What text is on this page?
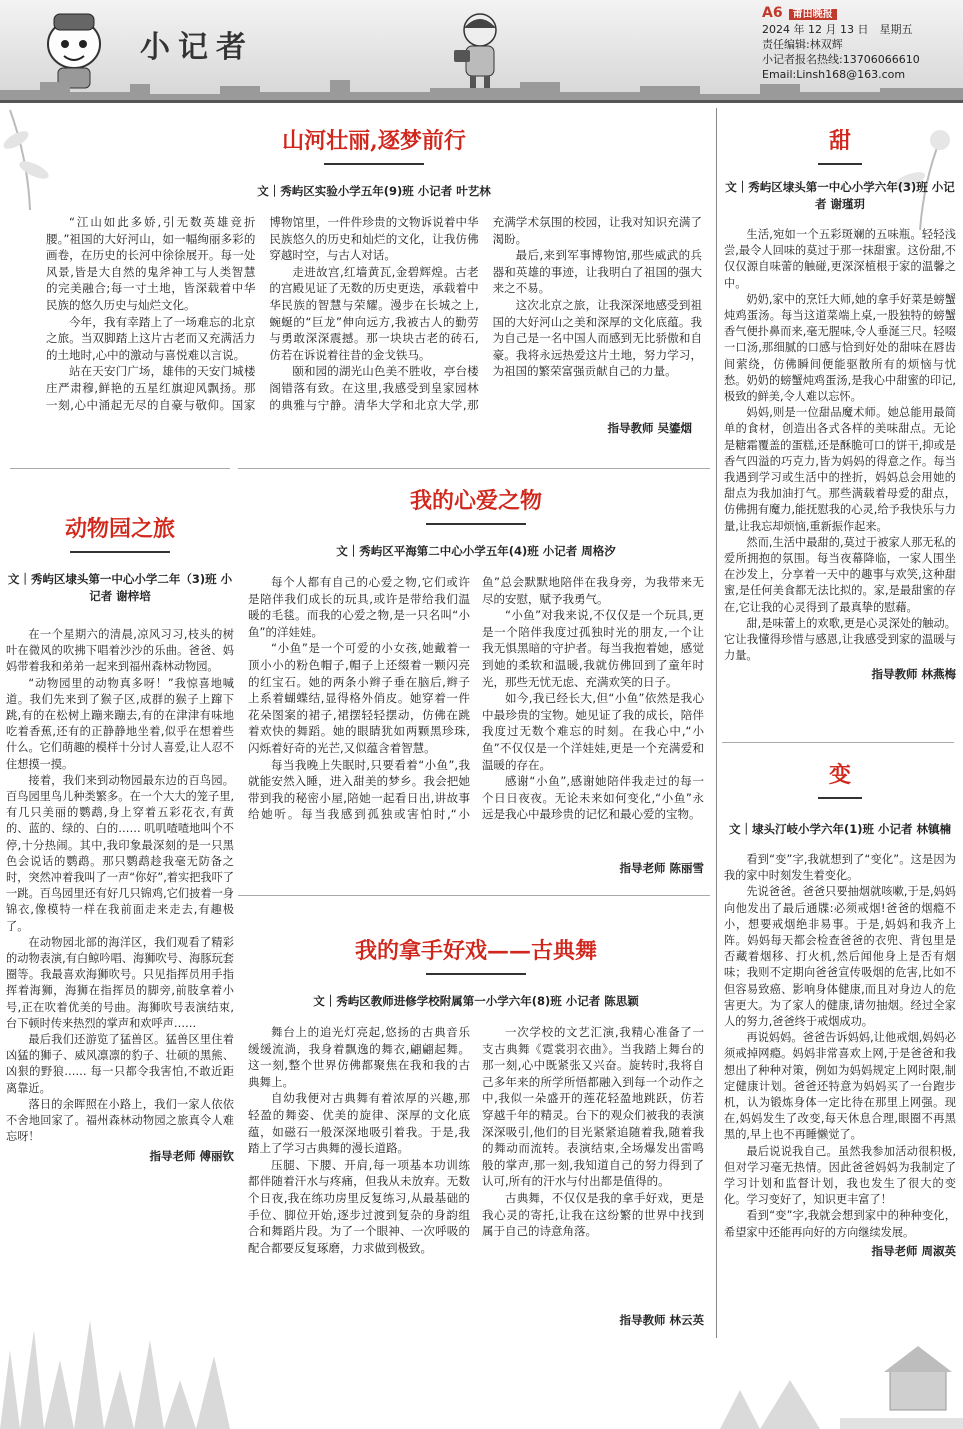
小记者
A6 莆田晚报
2024 年 12 月 13 日　星期五
责任编辑:林双辉
小记者报名热线:13706066610
Email:Linsh168@163.com
山河壮丽,逐梦前行
文｜秀屿区实验小学五年(9)班 小记者 叶艺林

“江山如此多娇,引无数英雄竞折腰。”祖国的大好河山，如一幅绚丽多彩的画卷，在历史的长河中徐徐展开。每一处风景,皆是大自然的鬼斧神工与人类智慧的完美融合;每一寸土地，皆深载着中华民族的悠久历史与灿烂文化。

今年，我有幸踏上了一场难忘的北京之旅。当双脚踏上这片古老而又充满活力的土地时,心中的激动与喜悦难以言说。

站在天安门广场，雄伟的天安门城楼庄严肃穆,鲜艳的五星红旗迎风飘扬。那一刻,心中涌起无尽的自豪与敬仰。国家博物馆里，一件件珍贵的文物诉说着中华民族悠久的历史和灿烂的文化，让我仿佛穿越时空，与古人对话。

走进故宫,红墙黄瓦,金碧辉煌。古老的宫殿见证了无数的历史更迭，承载着中华民族的智慧与荣耀。漫步在长城之上,蜿蜒的“巨龙”伸向远方,我被古人的勤劳与勇敢深深震撼。那一块块古老的砖石,仿若在诉说着往昔的金戈铁马。

颐和园的湖光山色美不胜收，亭台楼阁错落有致。在这里,我感受到皇家园林的典雅与宁静。清华大学和北京大学,那充满学术氛围的校园，让我对知识充满了渴盼。

最后,来到军事博物馆,那些威武的兵器和英雄的事迹，让我明白了祖国的强大来之不易。

这次北京之旅，让我深深地感受到祖国的大好河山之美和深厚的文化底蕴。我为自己是一名中国人而感到无比骄傲和自豪。我将永远热爱这片土地，努力学习，为祖国的繁荣富强贡献自己的力量。

指导教师 吴鎏烟
甜
文｜秀屿区埭头第一中心小学六年(3)班 小记者 谢瑾玥

生活,宛如一个五彩斑斓的五味瓶。轻轻浅尝,最令人回味的莫过于那一抹甜蜜。这份甜,不仅仅源自味蕾的触碰,更深深植根于家的温馨之中。

奶奶,家中的烹饪大师,她的拿手好菜是螃蟹炖鸡蛋汤。每当这道菜端上桌,一股独特的螃蟹香气便扑鼻而来,毫无腥味,令人垂涎三尺。轻啜一口汤,那细腻的口感与恰到好处的甜味在唇齿间萦绕，仿佛瞬间便能驱散所有的烦恼与忧愁。奶奶的螃蟹炖鸡蛋汤,是我心中甜蜜的印记,极致的鲜美,令人难以忘怀。

妈妈,则是一位甜品魔术师。她总能用最简单的食材，创造出各式各样的美味甜点。无论是糖霜覆盖的蛋糕,还是酥脆可口的饼干,抑或是香气四溢的巧克力,皆为妈妈的得意之作。每当我遇到学习或生活中的挫折，妈妈总会用她的甜点为我加油打气。那些满载着母爱的甜点，仿佛拥有魔力,能抚慰我的心灵,给予我快乐与力量,让我忘却烦恼,重新振作起来。

然而,生活中最甜的,莫过于被家人那无私的爱所拥抱的氛围。每当夜幕降临，一家人围坐在沙发上，分享着一天中的趣事与欢笑,这种甜蜜,是任何美食都无法比拟的。家,是最甜蜜的存在,它让我的心灵得到了最真挚的慰藉。

甜,是味蕾上的欢歌,更是心灵深处的触动。它让我懂得珍惜与感恩,让我感受到家的温暖与力量。

指导教师 林燕梅
动物园之旅
文｜秀屿区埭头第一中心小学二年（3)班 小记者 谢梓培

在一个星期六的清晨,凉风习习,枝头的树叶在微风的吹拂下唱着沙沙的乐曲。爸爸、妈妈带着我和弟弟一起来到福州森林动物园。

“动物园里的动物真多呀！”我惊喜地喊道。我们先来到了猴子区,成群的猴子上蹿下跳,有的在松树上蹦来蹦去,有的在津津有味地吃着香蕉,还有的正静静地坐着,似乎在想着些什么。它们萌趣的模样十分讨人喜爱,让人忍不住想摸一摸。

接着，我们来到动物园最东边的百鸟园。百鸟园里鸟儿种类繁多。在一个大大的笼子里,有几只美丽的鹦鹉,身上穿着五彩花衣,有黄的、蓝的、绿的、白的…… 叽叽喳喳地叫个不停,十分热闹。其中,我印象最深刻的是一只黑色会说话的鹦鹉。那只鹦鹉趁我毫无防备之时，突然冲着我叫了一声“你好”,着实把我吓了一跳。百鸟园里还有好几只锦鸡,它们披着一身锦衣,像模特一样在我前面走来走去,有趣极了。

在动物园北部的海洋区，我们观看了精彩的动物表演,有白鲸吟唱、海狮吹号、海豚玩套圈等。我最喜欢海狮吹号。只见指挥员用手指挥着海狮，海狮在指挥员的脚旁,前肢拿着小号,正在吹着优美的号曲。海狮吹号表演结束,台下顿时传来热烈的掌声和欢呼声……

最后我们还游览了猛兽区。猛兽区里住着凶猛的狮子、威风凛凛的豹子、壮硕的黑熊、凶狠的野狼…… 每一只都令我害怕,不敢近距离靠近。

落日的余晖照在小路上，我们一家人依依不舍地回家了。福州森林动物园之旅真令人难忘呀！

指导老师 傅丽钦
我的心爱之物
文｜秀屿区平海第二中心小学五年(4)班 小记者 周格汐

每个人都有自己的心爱之物,它们或许是陪伴我们成长的玩具,或许是带给我们温暖的毛毯。而我的心爱之物,是一只名叫“小鱼”的洋娃娃。

“小鱼”是一个可爱的小女孩,她戴着一顶小小的粉色帽子,帽子上还缀着一颗闪亮的红宝石。她的两条小辫子垂在脑后,辫子上系着蝴蝶结,显得格外俏皮。她穿着一件花朵图案的裙子,裙摆轻轻摆动，仿佛在跳着欢快的舞蹈。她的眼睛犹如两颗黑珍珠,闪烁着好奇的光芒,又似蕴含着智慧。

每当我晚上失眠时,只要看着“小鱼”,我就能安然入睡，进入甜美的梦乡。我会把她带到我的秘密小屋,陪她一起看日出,讲故事给她听。每当我感到孤独或害怕时,“小鱼”总会默默地陪伴在我身旁，为我带来无尽的安慰，赋予我勇气。

“小鱼”对我来说,不仅仅是一个玩具,更是一个陪伴我度过孤独时光的朋友,一个让我无惧黑暗的守护者。每当我抱着她，感觉到她的柔软和温暖,我就仿佛回到了童年时光，那些无忧无虑、充满欢笑的日子。

如今,我已经长大,但“小鱼”依然是我心中最珍贵的宝物。她见证了我的成长，陪伴我度过无数个难忘的时刻。在我心中,“小鱼”不仅仅是一个洋娃娃,更是一个充满爱和温暖的存在。

感谢“小鱼”,感谢她陪伴我走过的每一个日日夜夜。无论未来如何变化,“小鱼”永远是我心中最珍贵的记忆和最心爱的宝物。

指导老师 陈丽雪
变
文｜埭头汀岐小学六年(1)班 小记者 林镇楠

看到“变”字,我就想到了“变化”。这是因为我的家中时刻发生着变化。

先说爸爸。爸爸只要抽烟就咳嗽,于是,妈妈向他发出了最后通牒:必须戒烟!爸爸的烟瘾不小，想要戒烟绝非易事。于是,妈妈和我齐上阵。妈妈每天都会检查爸爸的衣兜、背包里是否藏着烟移、打火机,然后闻他身上是否有烟味；我则不定期向爸爸宣传吸烟的危害,比如不但容易致癌、影响身体健康,而且对身边人的危害更大。为了家人的健康,请勿抽烟。经过全家人的努力,爸爸终于戒烟成功。

再说妈妈。爸爸告诉妈妈,让他戒烟,妈妈必须戒掉网瘾。妈妈非常喜欢上网,于是爸爸和我想出了种种对策，例如为妈妈规定上网时限,制定健康计划。爸爸还特意为妈妈买了一台跑步机，认为锻炼身体一定比待在那里上网强。现在,妈妈发生了改变,每天休息合理,眼圈不再黑黑的,早上也不再睡懒觉了。

最后说说我自己。虽然我参加活动很积极,但对学习毫无热情。因此爸爸妈妈为我制定了学习计划和监督计划，我也发生了很大的变化。学习变好了，知识更丰富了！

看到“变”字,我就会想到家中的种种变化，希望家中还能再向好的方向继续发展。

指导老师 周淑英
我的拿手好戏——古典舞
文｜秀屿区教师进修学校附属第一小学六年(8)班 小记者 陈思颖

舞台上的追光灯亮起,悠扬的古典音乐缓缓流淌，我身着飘逸的舞衣,翩翩起舞。这一刻,整个世界仿佛都聚焦在我和我的古典舞上。

自幼我便对古典舞有着浓厚的兴趣,那轻盈的舞姿、优美的旋律、深厚的文化底蕴，如磁石一般深深地吸引着我。于是,我踏上了学习古典舞的漫长道路。

压腿、下腰、开肩,每一项基本功训练都伴随着汗水与疼痛，但我从未放弃。无数个日夜,我在练功房里反复练习,从最基础的手位、脚位开始,逐步过渡到复杂的身韵组合和舞蹈片段。为了一个眼神、一次呼吸的配合都要反复琢磨，力求做到极致。

一次学校的文艺汇演,我精心准备了一支古典舞《霓裳羽衣曲》。当我踏上舞台的那一刻,心中既紧张又兴奋。旋转时,我将自己多年来的所学所悟都融入到每一个动作之中,我似一朵盛开的莲花轻盈地跳跃，仿若穿越千年的精灵。台下的观众们被我的表演深深吸引,他们的目光紧紧追随着我,随着我的舞动而流转。表演结束,全场爆发出雷鸣般的掌声,那一刻,我知道自己的努力得到了认可,所有的汗水与付出都是值得的。

古典舞，不仅仅是我的拿手好戏，更是我心灵的寄托,让我在这纷繁的世界中找到属于自己的诗意角落。

指导教师 林云英
